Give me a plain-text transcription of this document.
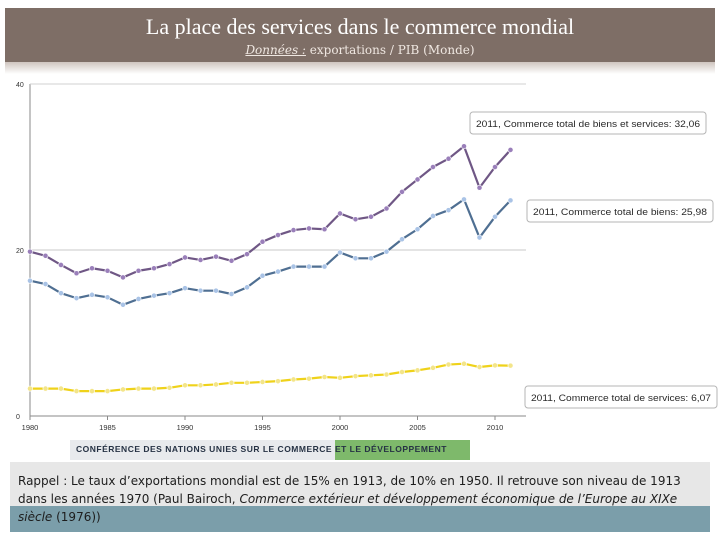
La place des services dans le commerce mondial
Données : exportations / PIB (Monde)
0
20
40
1980	1985	1990	1995	2000	2005	2010
2011, Commerce total de biens et services: 32,06
2011, Commerce total de biens: 25,98
2011, Commerce total de services: 6,07
CONFÉRENCE DES NATIONS UNIES SUR LE COMMERCE ET LE DÉVELOPPEMENT

Rappel : Le taux d’exportations mondial est de 15% en 1913, de 10% en 1950. Il retrouve son niveau de 1913 dans les années 1970 (Paul Bairoch, Commerce extérieur et développement économique de l’Europe au XIXe siècle (1976))
